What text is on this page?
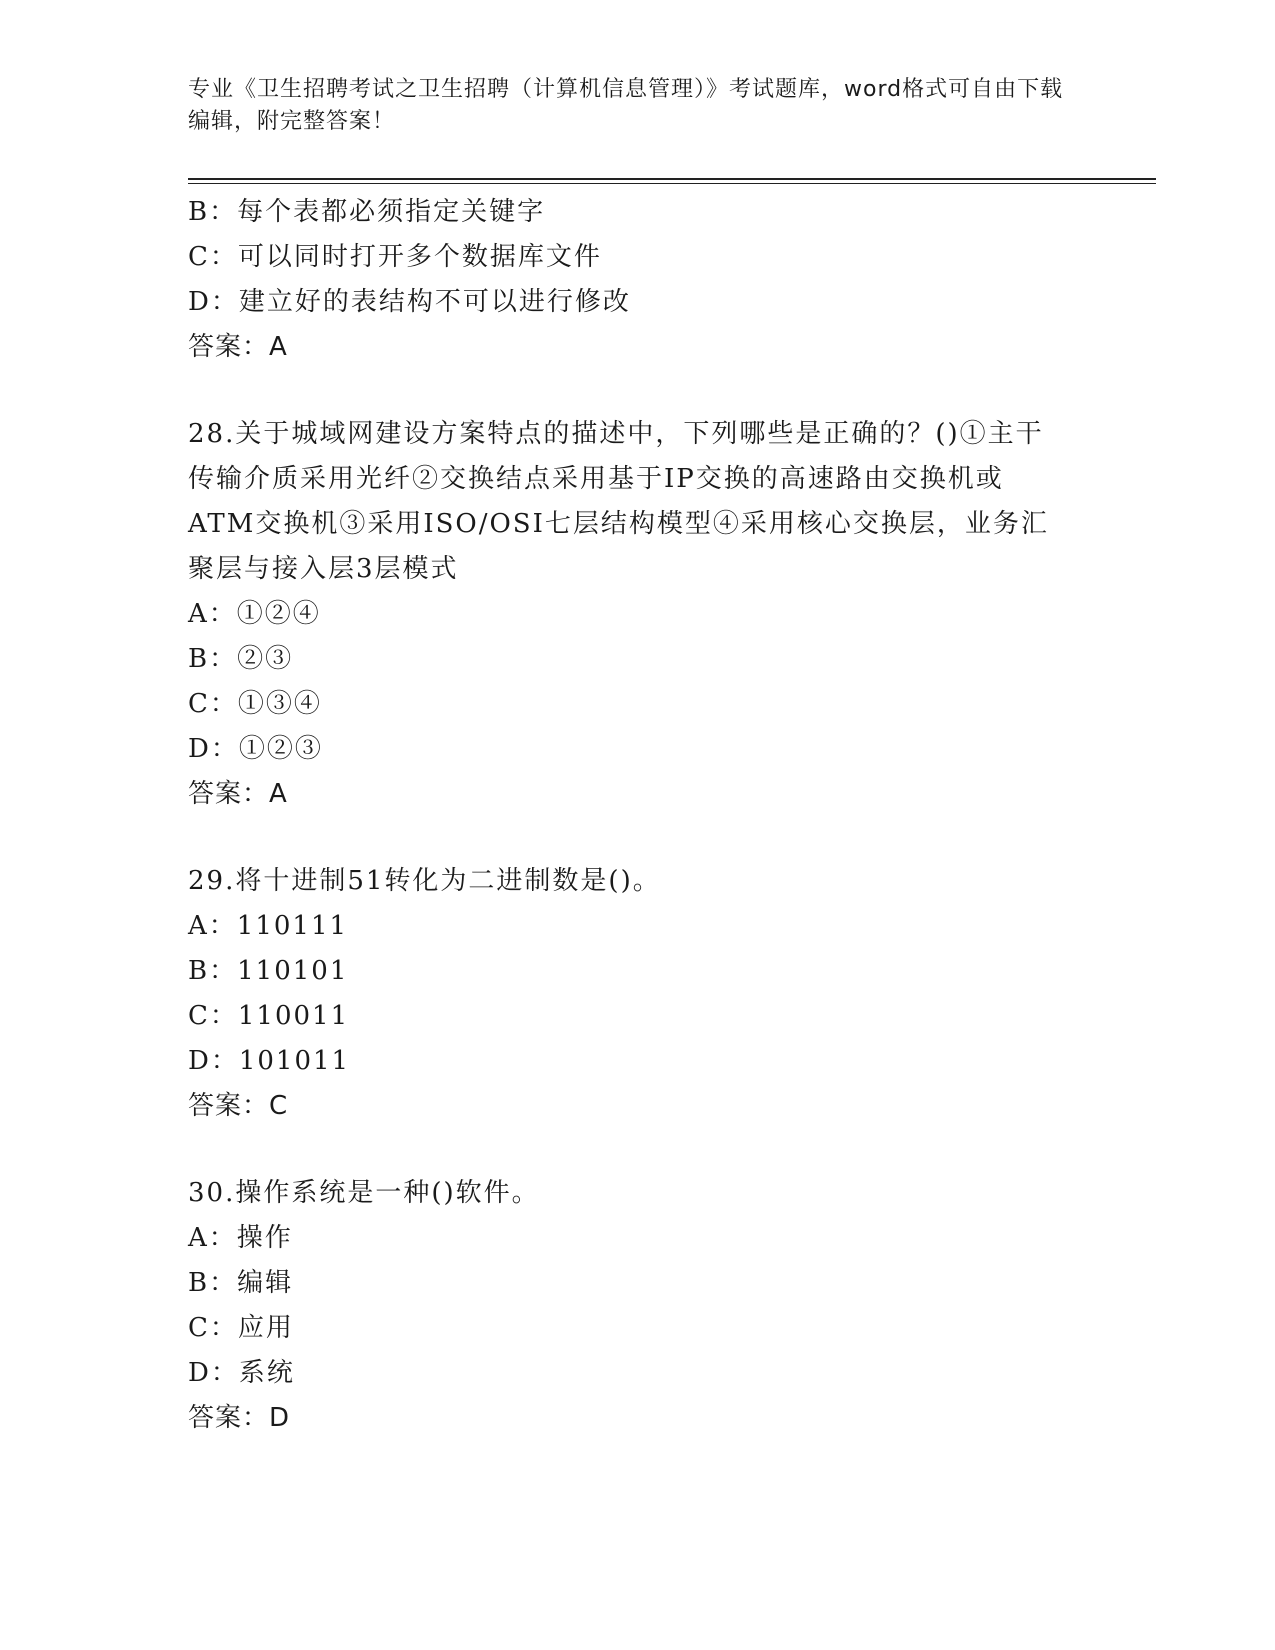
专业《卫生招聘考试之卫生招聘（计算机信息管理）》考试题库，word格式可自由下载编辑，附完整答案！
B：每个表都必须指定关键字
C：可以同时打开多个数据库文件
D：建立好的表结构不可以进行修改
答案：A
28.关于城域网建设方案特点的描述中，下列哪些是正确的？()①主干
传输介质采用光纤②交换结点采用基于IP交换的高速路由交换机或
ATM交换机③采用ISO/OSI七层结构模型④采用核心交换层，业务汇
聚层与接入层3层模式
A：①②④
B：②③
C：①③④
D：①②③
答案：A
29.将十进制51转化为二进制数是()。
A：110111
B：110101
C：110011
D：101011
答案：C
30.操作系统是一种()软件。
A：操作
B：编辑
C：应用
D：系统
答案：D
